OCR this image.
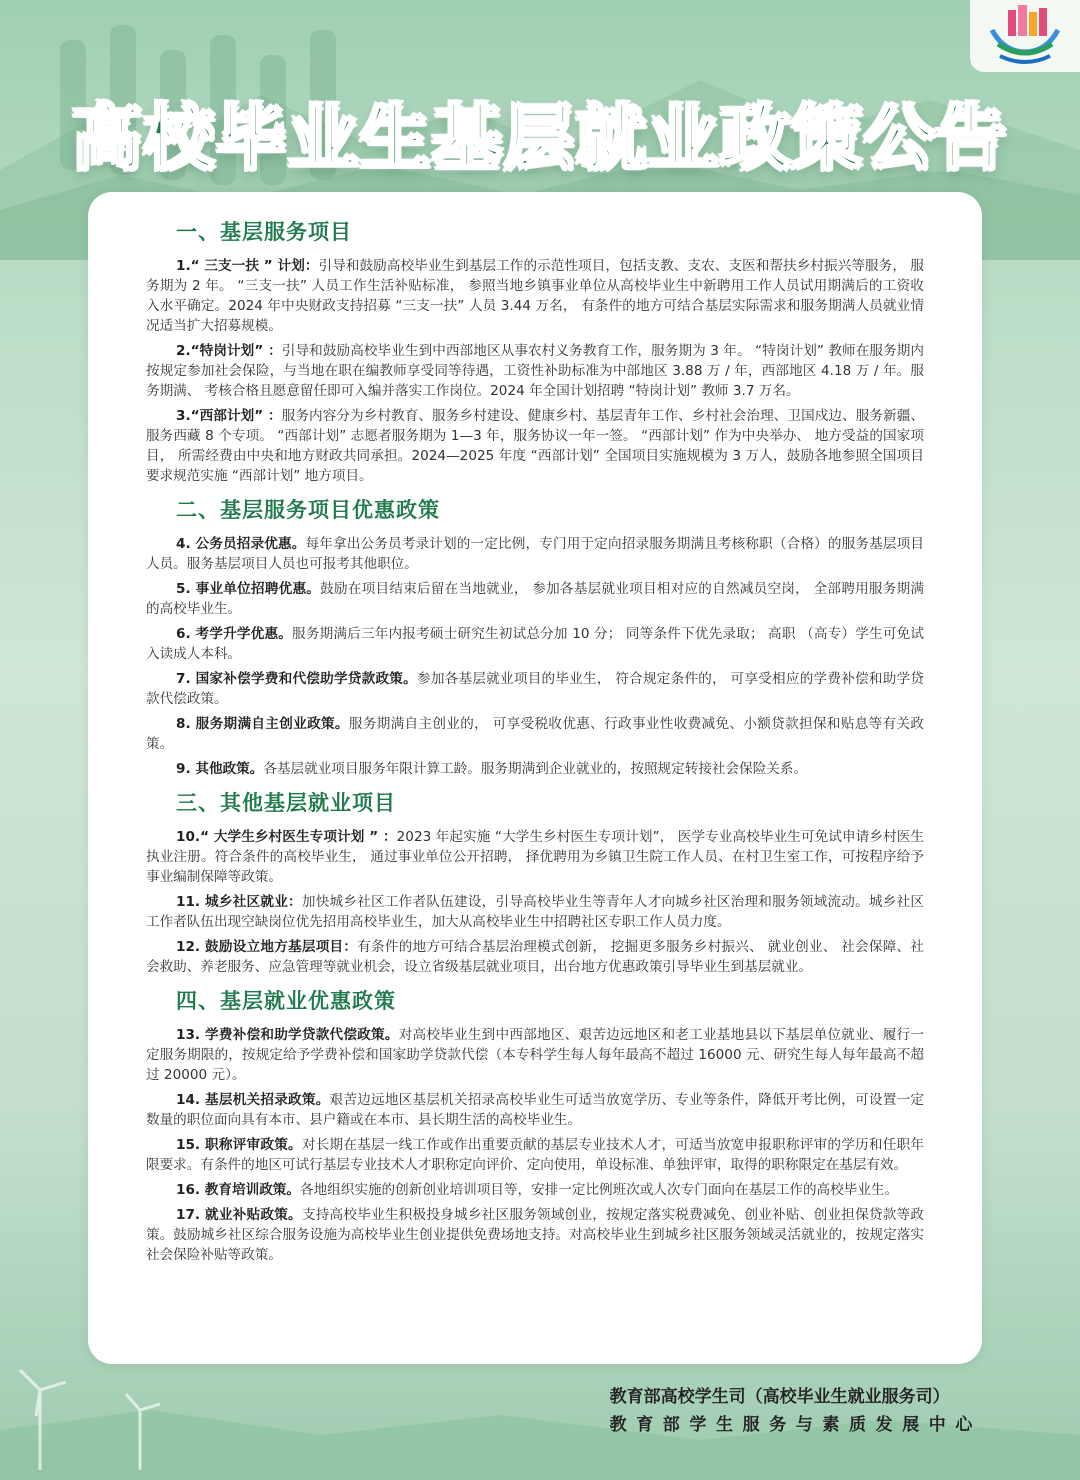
高校毕业生基层就业政策公告
一、基层服务项目
1.“ 三支一扶 ” 计划：引导和鼓励高校毕业生到基层工作的示范性项目，包括支教、支农、支医和帮扶乡村振兴等服务， 服务期为 2 年。 “三支一扶” 人员工作生活补贴标准， 参照当地乡镇事业单位从高校毕业生中新聘用工作人员试用期满后的工资收入水平确定。2024 年中央财政支持招募 “三支一扶” 人员 3.44 万名， 有条件的地方可结合基层实际需求和服务期满人员就业情况适当扩大招募规模。
2.“特岗计划” ：引导和鼓励高校毕业生到中西部地区从事农村义务教育工作，服务期为 3 年。 “特岗计划” 教师在服务期内按规定参加社会保险，与当地在职在编教师享受同等待遇，工资性补助标准为中部地区 3.88 万 / 年，西部地区 4.18 万 / 年。服务期满、 考核合格且愿意留任即可入编并落实工作岗位。2024 年全国计划招聘 “特岗计划” 教师 3.7 万名。
3.“西部计划” ：服务内容分为乡村教育、服务乡村建设、健康乡村、基层青年工作、乡村社会治理、卫国戍边、服务新疆、服务西藏 8 个专项。 “西部计划” 志愿者服务期为 1—3 年，服务协议一年一签。 “西部计划” 作为中央举办、 地方受益的国家项目， 所需经费由中央和地方财政共同承担。2024—2025 年度 “西部计划” 全国项目实施规模为 3 万人，鼓励各地参照全国项目要求规范实施 “西部计划” 地方项目。
二、基层服务项目优惠政策
4. 公务员招录优惠。每年拿出公务员考录计划的一定比例，专门用于定向招录服务期满且考核称职（合格）的服务基层项目人员。服务基层项目人员也可报考其他职位。
5. 事业单位招聘优惠。鼓励在项目结束后留在当地就业， 参加各基层就业项目相对应的自然减员空岗， 全部聘用服务期满的高校毕业生。
6. 考学升学优惠。服务期满后三年内报考硕士研究生初试总分加 10 分； 同等条件下优先录取； 高职 （高专）学生可免试入读成人本科。
7. 国家补偿学费和代偿助学贷款政策。参加各基层就业项目的毕业生， 符合规定条件的， 可享受相应的学费补偿和助学贷款代偿政策。
8. 服务期满自主创业政策。服务期满自主创业的， 可享受税收优惠、行政事业性收费减免、小额贷款担保和贴息等有关政策。
9. 其他政策。各基层就业项目服务年限计算工龄。服务期满到企业就业的，按照规定转接社会保险关系。
三、其他基层就业项目
10.“ 大学生乡村医生专项计划 ” ：2023 年起实施 “大学生乡村医生专项计划”， 医学专业高校毕业生可免试申请乡村医生执业注册。符合条件的高校毕业生， 通过事业单位公开招聘， 择优聘用为乡镇卫生院工作人员、在村卫生室工作，可按程序给予事业编制保障等政策。
11. 城乡社区就业：加快城乡社区工作者队伍建设，引导高校毕业生等青年人才向城乡社区治理和服务领域流动。城乡社区工作者队伍出现空缺岗位优先招用高校毕业生，加大从高校毕业生中招聘社区专职工作人员力度。
12. 鼓励设立地方基层项目：有条件的地方可结合基层治理模式创新， 挖掘更多服务乡村振兴、 就业创业、 社会保障、社会救助、养老服务、应急管理等就业机会，设立省级基层就业项目，出台地方优惠政策引导毕业生到基层就业。
四、基层就业优惠政策
13. 学费补偿和助学贷款代偿政策。对高校毕业生到中西部地区、艰苦边远地区和老工业基地县以下基层单位就业、履行一定服务期限的，按规定给予学费补偿和国家助学贷款代偿（本专科学生每人每年最高不超过 16000 元、研究生每人每年最高不超过 20000 元）。
14. 基层机关招录政策。艰苦边远地区基层机关招录高校毕业生可适当放宽学历、专业等条件，降低开考比例，可设置一定数量的职位面向具有本市、县户籍或在本市、县长期生活的高校毕业生。
15. 职称评审政策。对长期在基层一线工作或作出重要贡献的基层专业技术人才，可适当放宽申报职称评审的学历和任职年限要求。有条件的地区可试行基层专业技术人才职称定向评价、定向使用，单设标准、单独评审，取得的职称限定在基层有效。
16. 教育培训政策。各地组织实施的创新创业培训项目等，安排一定比例班次或人次专门面向在基层工作的高校毕业生。
17. 就业补贴政策。支持高校毕业生积极投身城乡社区服务领域创业，按规定落实税费减免、创业补贴、创业担保贷款等政策。鼓励城乡社区综合服务设施为高校毕业生创业提供免费场地支持。对高校毕业生到城乡社区服务领域灵活就业的，按规定落实社会保险补贴等政策。
教育部高校学生司（高校毕业生就业服务司）
教育部学生服务与素质发展中心
